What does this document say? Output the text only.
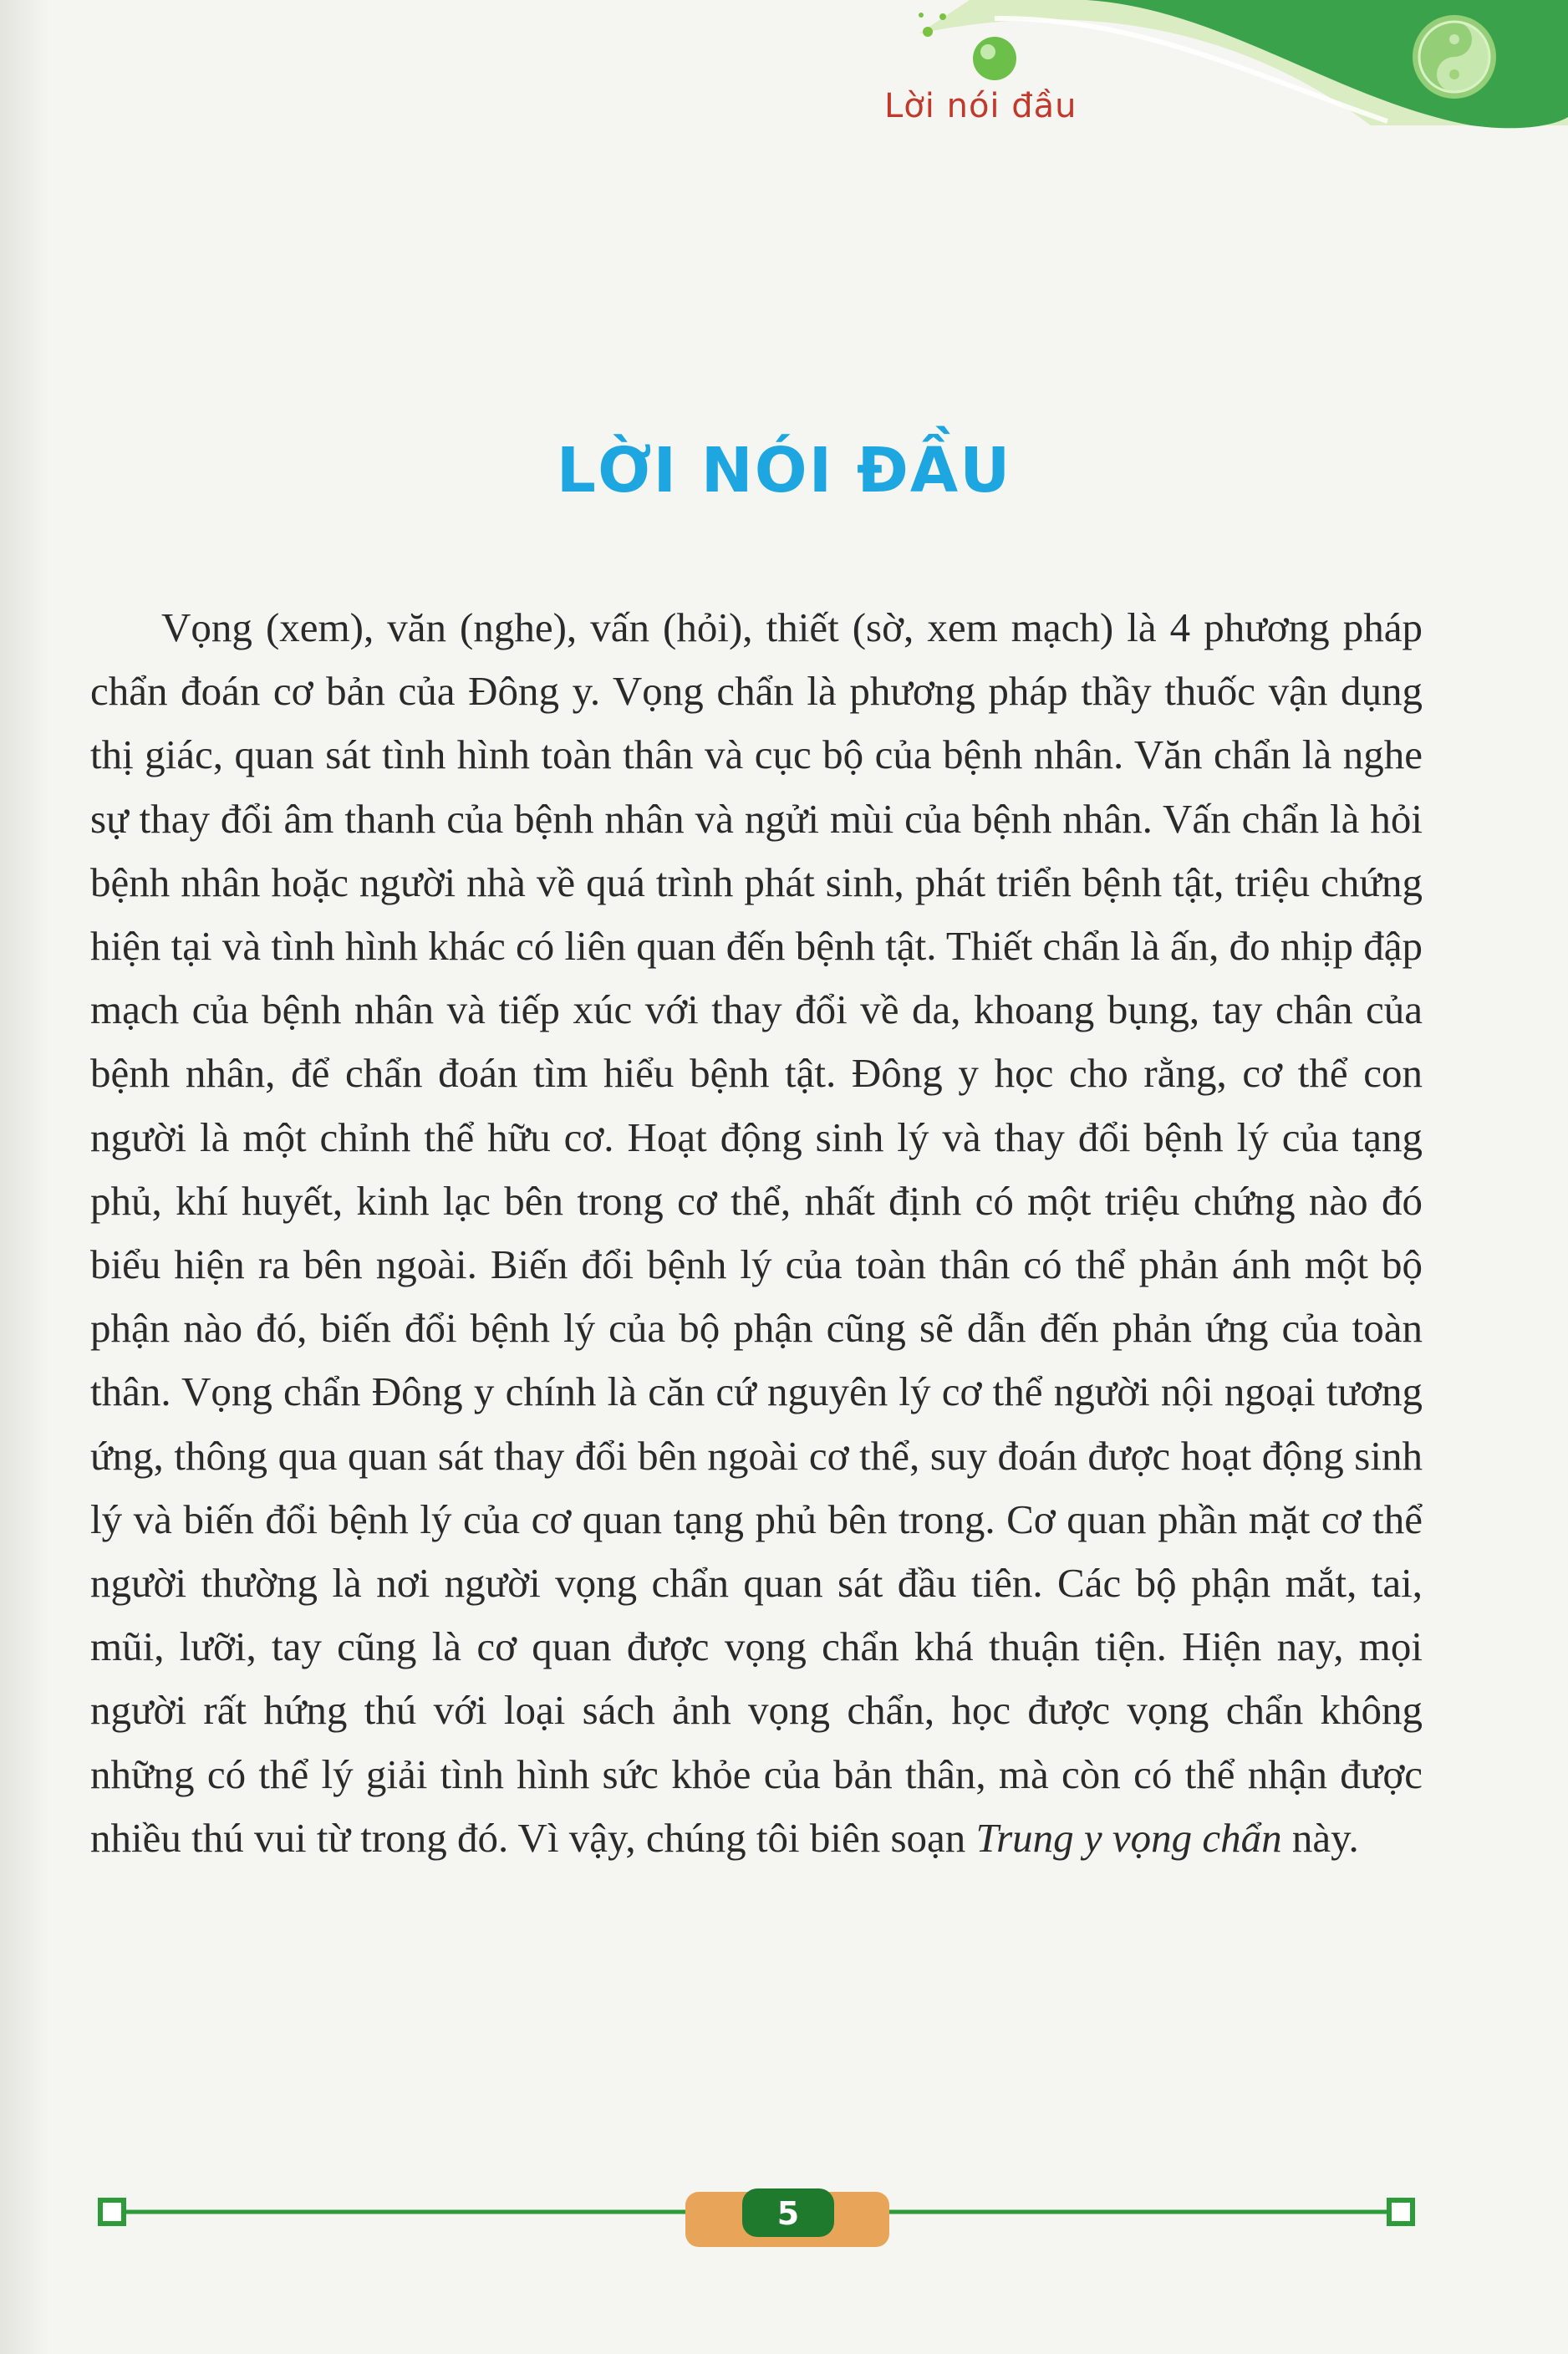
Lời nói đầu
LỜI NÓI ĐẦU

Vọng (xem), văn (nghe), vấn (hỏi), thiết (sờ, xem mạch) là 4 phương pháp chẩn đoán cơ bản của Đông y. Vọng chẩn là phương pháp thầy thuốc vận dụng thị giác, quan sát tình hình toàn thân và cục bộ của bệnh nhân. Văn chẩn là nghe sự thay đổi âm thanh của bệnh nhân và ngửi mùi của bệnh nhân. Vấn chẩn là hỏi bệnh nhân hoặc người nhà về quá trình phát sinh, phát triển bệnh tật, triệu chứng hiện tại và tình hình khác có liên quan đến bệnh tật. Thiết chẩn là ấn, đo nhịp đập mạch của bệnh nhân và tiếp xúc với thay đổi về da, khoang bụng, tay chân của bệnh nhân, để chẩn đoán tìm hiểu bệnh tật. Đông y học cho rằng, cơ thể con người là một chỉnh thể hữu cơ. Hoạt động sinh lý và thay đổi bệnh lý của tạng phủ, khí huyết, kinh lạc bên trong cơ thể, nhất định có một triệu chứng nào đó biểu hiện ra bên ngoài. Biến đổi bệnh lý của toàn thân có thể phản ánh một bộ phận nào đó, biến đổi bệnh lý của bộ phận cũng sẽ dẫn đến phản ứng của toàn thân. Vọng chẩn Đông y chính là căn cứ nguyên lý cơ thể người nội ngoại tương ứng, thông qua quan sát thay đổi bên ngoài cơ thể, suy đoán được hoạt động sinh lý và biến đổi bệnh lý của cơ quan tạng phủ bên trong. Cơ quan phần mặt cơ thể người thường là nơi người vọng chẩn quan sát đầu tiên. Các bộ phận mắt, tai, mũi, lưỡi, tay cũng là cơ quan được vọng chẩn khá thuận tiện. Hiện nay, mọi người rất hứng thú với loại sách ảnh vọng chẩn, học được vọng chẩn không những có thể lý giải tình hình sức khỏe của bản thân, mà còn có thể nhận được nhiều thú vui từ trong đó. Vì vậy, chúng tôi biên soạn Trung y vọng chẩn này.

5
